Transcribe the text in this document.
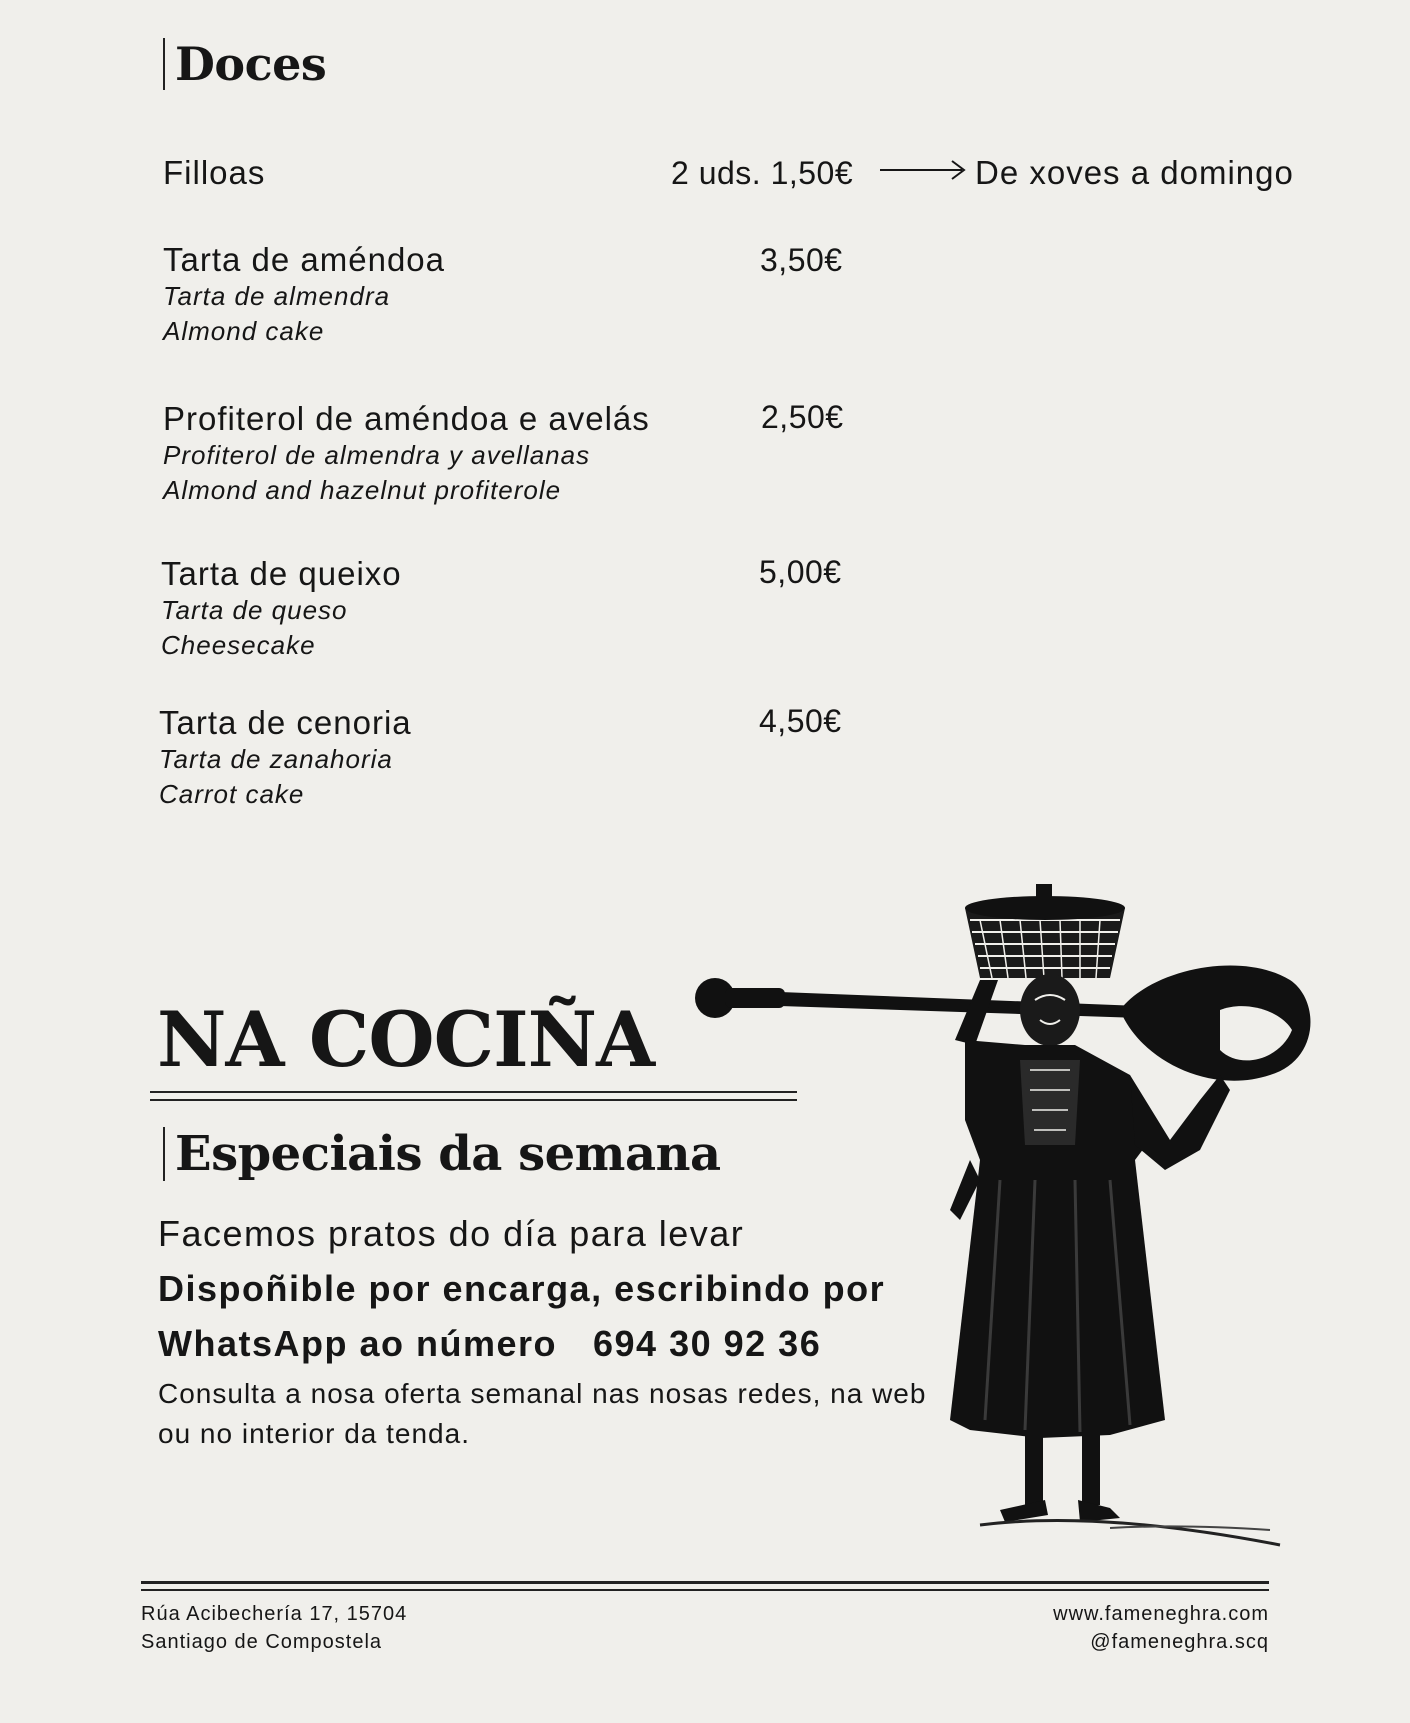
Doces
Filloas	2 uds. 1,50€	De xoves a domingo
Tarta de améndoa
Tarta de almendra
Almond cake
3,50€
Profiterol de améndoa e avelás
Profiterol de almendra y avellanas
Almond and hazelnut profiterole
2,50€
Tarta de queixo
Tarta de queso
Cheesecake
5,00€
Tarta de cenoria
Tarta de zanahoria
Carrot cake
4,50€
NA COCIÑA
Especiais da semana
Facemos pratos do día para levar
Dispoñible por encarga, escribindo por
WhatsApp ao número 694 30 92 36
Consulta a nosa oferta semanal nas nosas redes, na web
ou no interior da tenda.
Rúa Acibechería 17, 15704
Santiago de Compostela
www.fameneghra.com
@fameneghra.scq
